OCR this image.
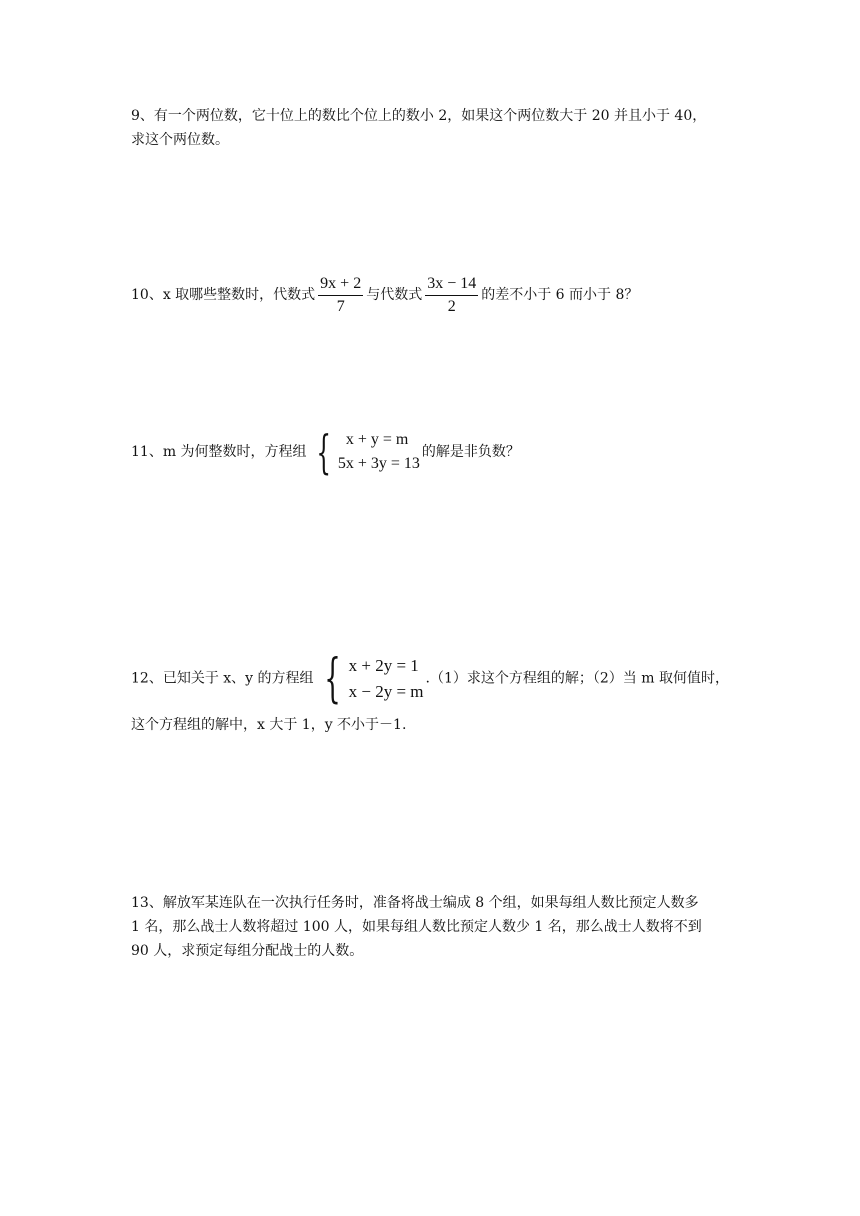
9、有一个两位数，它十位上的数比个位上的数小 2，如果这个两位数大于 20 并且小于 40，

求这个两位数。

10、x 取哪些整数时，代数式 $\frac{9x + 2}{7}$ 与代数式 $\frac{3x - 14}{2}$ 的差不小于 6 而小于 8？
11、m 为何整数时，方程组 { x + y = m
5x + 3y = 13
的解是非负数？
12、已知关于 x、y 的方程组 { x + 2y = 1
x − 2y = m
.（1）求这个方程组的解；（2）当 m 取何值时，

这个方程组的解中，x 大于 1，y 不小于－1.

13、解放军某连队在一次执行任务时，准备将战士编成 8 个组，如果每组人数比预定人数多

1 名，那么战士人数将超过 100 人，如果每组人数比预定人数少 1 名，那么战士人数将不到

90 人，求预定每组分配战士的人数。
